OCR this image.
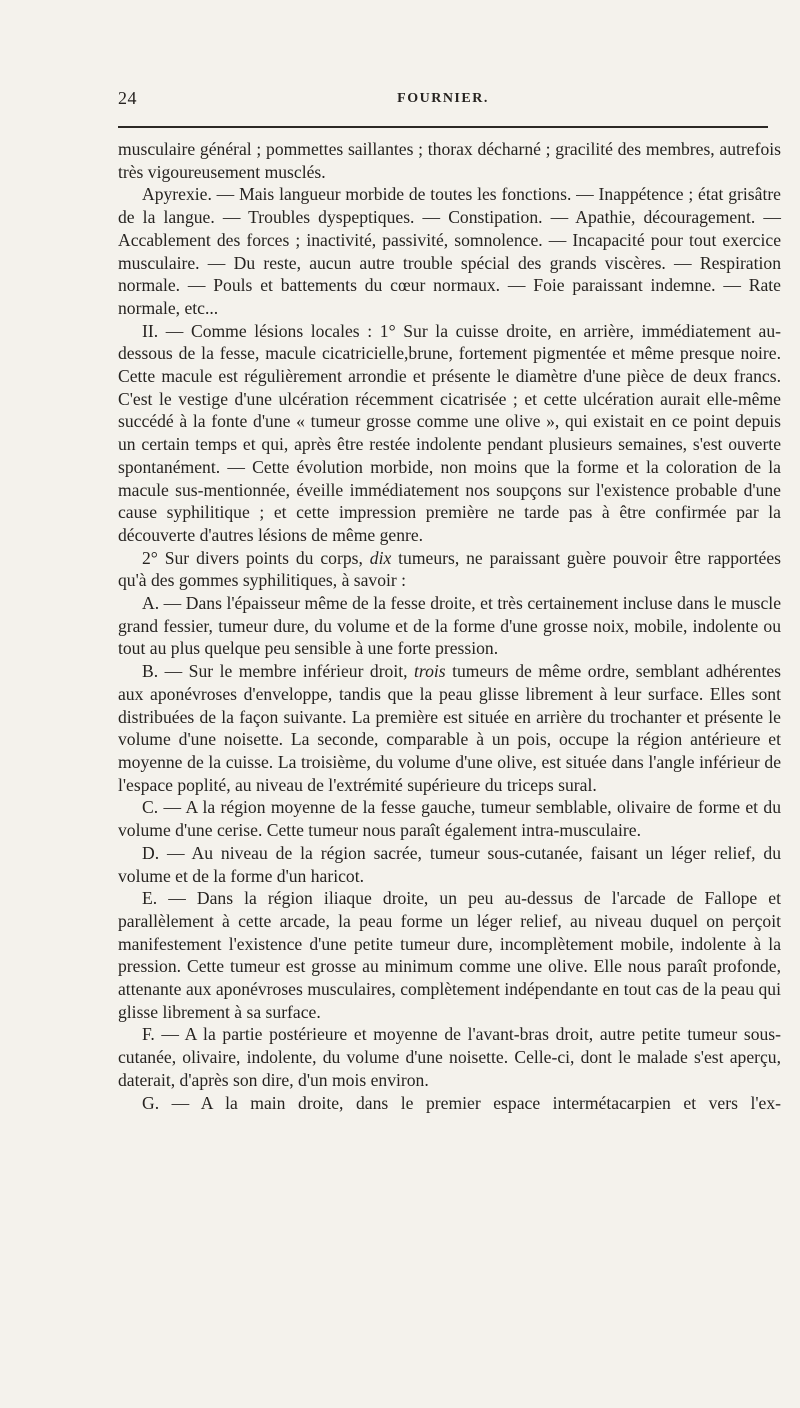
24	FOURNIER.

musculaire général ; pommettes saillantes ; thorax décharné ; gracilité des membres, autrefois très vigoureusement musclés.

Apyrexie. — Mais langueur morbide de toutes les fonctions. — Inappétence ; état grisâtre de la langue. — Troubles dyspeptiques. — Constipation. — Apathie, découragement. — Accablement des forces ; inactivité, passivité, somnolence. — Incapacité pour tout exercice musculaire. — Du reste, aucun autre trouble spécial des grands viscères. — Respiration normale. — Pouls et battements du cœur normaux. — Foie paraissant indemne. — Rate normale, etc...

II. — Comme lésions locales : 1° Sur la cuisse droite, en arrière, immédiatement au-dessous de la fesse, macule cicatricielle,brune, fortement pigmentée et même presque noire. Cette macule est régulièrement arrondie et présente le diamètre d'une pièce de deux francs. C'est le vestige d'une ulcération récemment cicatrisée ; et cette ulcération aurait elle-même succédé à la fonte d'une « tumeur grosse comme une olive », qui existait en ce point depuis un certain temps et qui, après être restée indolente pendant plusieurs semaines, s'est ouverte spontanément. — Cette évolution morbide, non moins que la forme et la coloration de la macule sus-mentionnée, éveille immédiatement nos soupçons sur l'existence probable d'une cause syphilitique ; et cette impression première ne tarde pas à être confirmée par la découverte d'autres lésions de même genre.

2° Sur divers points du corps, dix tumeurs, ne paraissant guère pouvoir être rapportées qu'à des gommes syphilitiques, à savoir :

A. — Dans l'épaisseur même de la fesse droite, et très certainement incluse dans le muscle grand fessier, tumeur dure, du volume et de la forme d'une grosse noix, mobile, indolente ou tout au plus quelque peu sensible à une forte pression.

B. — Sur le membre inférieur droit, trois tumeurs de même ordre, semblant adhérentes aux aponévroses d'enveloppe, tandis que la peau glisse librement à leur surface. Elles sont distribuées de la façon suivante. La première est située en arrière du trochanter et présente le volume d'une noisette. La seconde, comparable à un pois, occupe la région antérieure et moyenne de la cuisse. La troisième, du volume d'une olive, est située dans l'angle inférieur de l'espace poplité, au niveau de l'extrémité supérieure du triceps sural.

C. — A la région moyenne de la fesse gauche, tumeur semblable, olivaire de forme et du volume d'une cerise. Cette tumeur nous paraît également intra-musculaire.

D. — Au niveau de la région sacrée, tumeur sous-cutanée, faisant un léger relief, du volume et de la forme d'un haricot.

E. — Dans la région iliaque droite, un peu au-dessus de l'arcade de Fallope et parallèlement à cette arcade, la peau forme un léger relief, au niveau duquel on perçoit manifestement l'existence d'une petite tumeur dure, incomplètement mobile, indolente à la pression. Cette tumeur est grosse au minimum comme une olive. Elle nous paraît profonde, attenante aux aponévroses musculaires, complètement indépendante en tout cas de la peau qui glisse librement à sa surface.

F. — A la partie postérieure et moyenne de l'avant-bras droit, autre petite tumeur sous-cutanée, olivaire, indolente, du volume d'une noisette. Celle-ci, dont le malade s'est aperçu, daterait, d'après son dire, d'un mois environ.

G. — A la main droite, dans le premier espace intermétacarpien et vers l'ex-
